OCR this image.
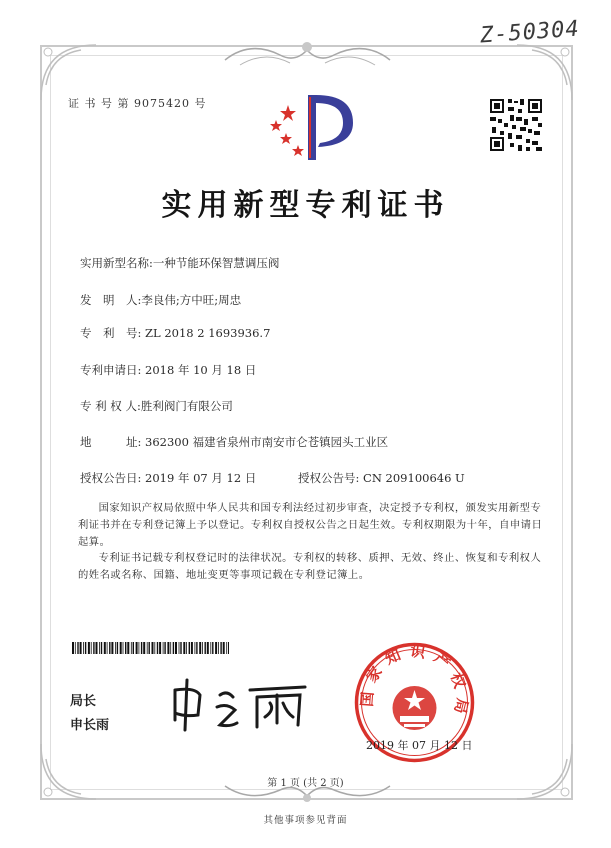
Z-50304
证 书 号 第 9075420 号
实用新型专利证书
实用新型名称:一种节能环保智慧调压阀
发　明　人:李良伟;方中旺;周忠
专　利　号: ZL 2018 2 1693936.7
专利申请日: 2018 年 10 月 18 日
专 利 权 人:胜利阀门有限公司
地　　　址: 362300 福建省泉州市南安市仑苍镇园头工业区
授权公告日: 2019 年 07 月 12 日	授权公告号: CN 209100646 U
国家知识产权局依照中华人民共和国专利法经过初步审查，决定授予专利权，颁发实用新型专利证书并在专利登记簿上予以登记。专利权自授权公告之日起生效。专利权期限为十年，自申请日起算。
专利证书记载专利权登记时的法律状况。专利权的转移、质押、无效、终止、恢复和专利权人的姓名或名称、国籍、地址变更等事项记载在专利登记簿上。
局长
申长雨
国家知识产权局
2019 年 07 月 12 日
第 1 页 (共 2 页)
其他事项参见背面
